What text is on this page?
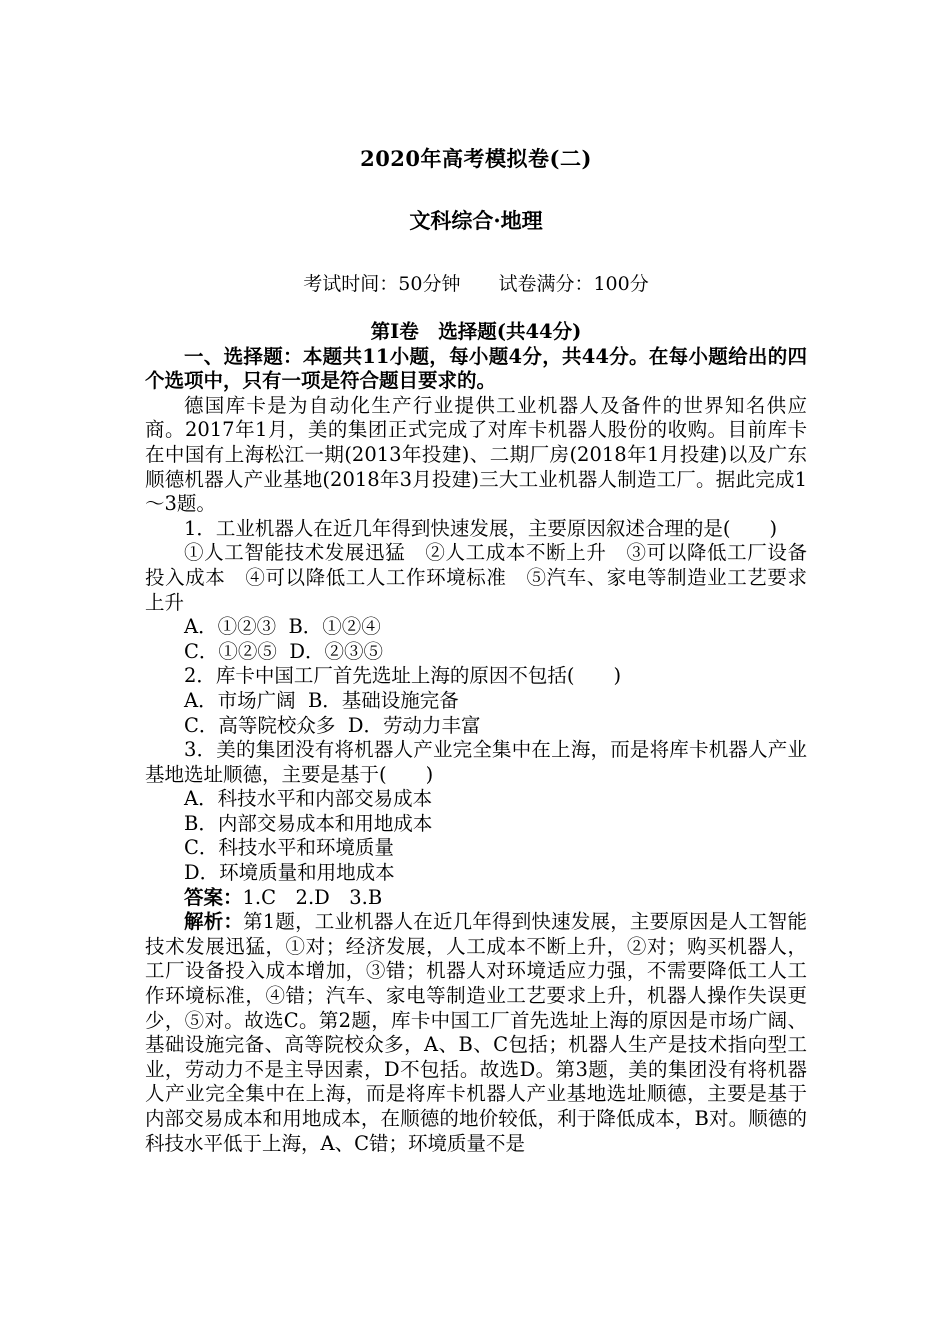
2020年高考模拟卷(二)
文科综合·地理
考试时间：50分钟　　试卷满分：100分
第Ⅰ卷　选择题(共44分)

一、选择题：本题共11小题，每小题4分，共44分。在每小题给出的四个选项中，只有一项是符合题目要求的。

德国库卡是为自动化生产行业提供工业机器人及备件的世界知名供应商。2017年1月，美的集团正式完成了对库卡机器人股份的收购。目前库卡在中国有上海松江一期(2013年投建)、二期厂房(2018年1月投建)以及广东顺德机器人产业基地(2018年3月投建)三大工业机器人制造工厂。据此完成1～3题。

1．工业机器人在近几年得到快速发展，主要原因叙述合理的是(　　)

①人工智能技术发展迅猛　②人工成本不断上升　③可以降低工厂设备投入成本　④可以降低工人工作环境标准　⑤汽车、家电等制造业工艺要求上升

A．①②③  B．①②④
C．①②⑤  D．②③⑤

2．库卡中国工厂首先选址上海的原因不包括(　　)

A．市场广阔  B．基础设施完备
C．高等院校众多  D．劳动力丰富

3．美的集团没有将机器人产业完全集中在上海，而是将库卡机器人产业基地选址顺德，主要是基于(　　)

A．科技水平和内部交易成本
B．内部交易成本和用地成本
C．科技水平和环境质量
D．环境质量和用地成本

答案：1.C　2.D　3.B

解析：第1题，工业机器人在近几年得到快速发展，主要原因是人工智能技术发展迅猛，①对；经济发展，人工成本不断上升，②对；购买机器人，工厂设备投入成本增加，③错；机器人对环境适应力强，不需要降低工人工作环境标准，④错；汽车、家电等制造业工艺要求上升，机器人操作失误更少，⑤对。故选C。第2题，库卡中国工厂首先选址上海的原因是市场广阔、基础设施完备、高等院校众多，A、B、C包括；机器人生产是技术指向型工业，劳动力不是主导因素，D不包括。故选D。第3题，美的集团没有将机器人产业完全集中在上海，而是将库卡机器人产业基地选址顺德，主要是基于内部交易成本和用地成本，在顺德的地价较低，利于降低成本，B对。顺德的科技水平低于上海，A、C错；环境质量不是
